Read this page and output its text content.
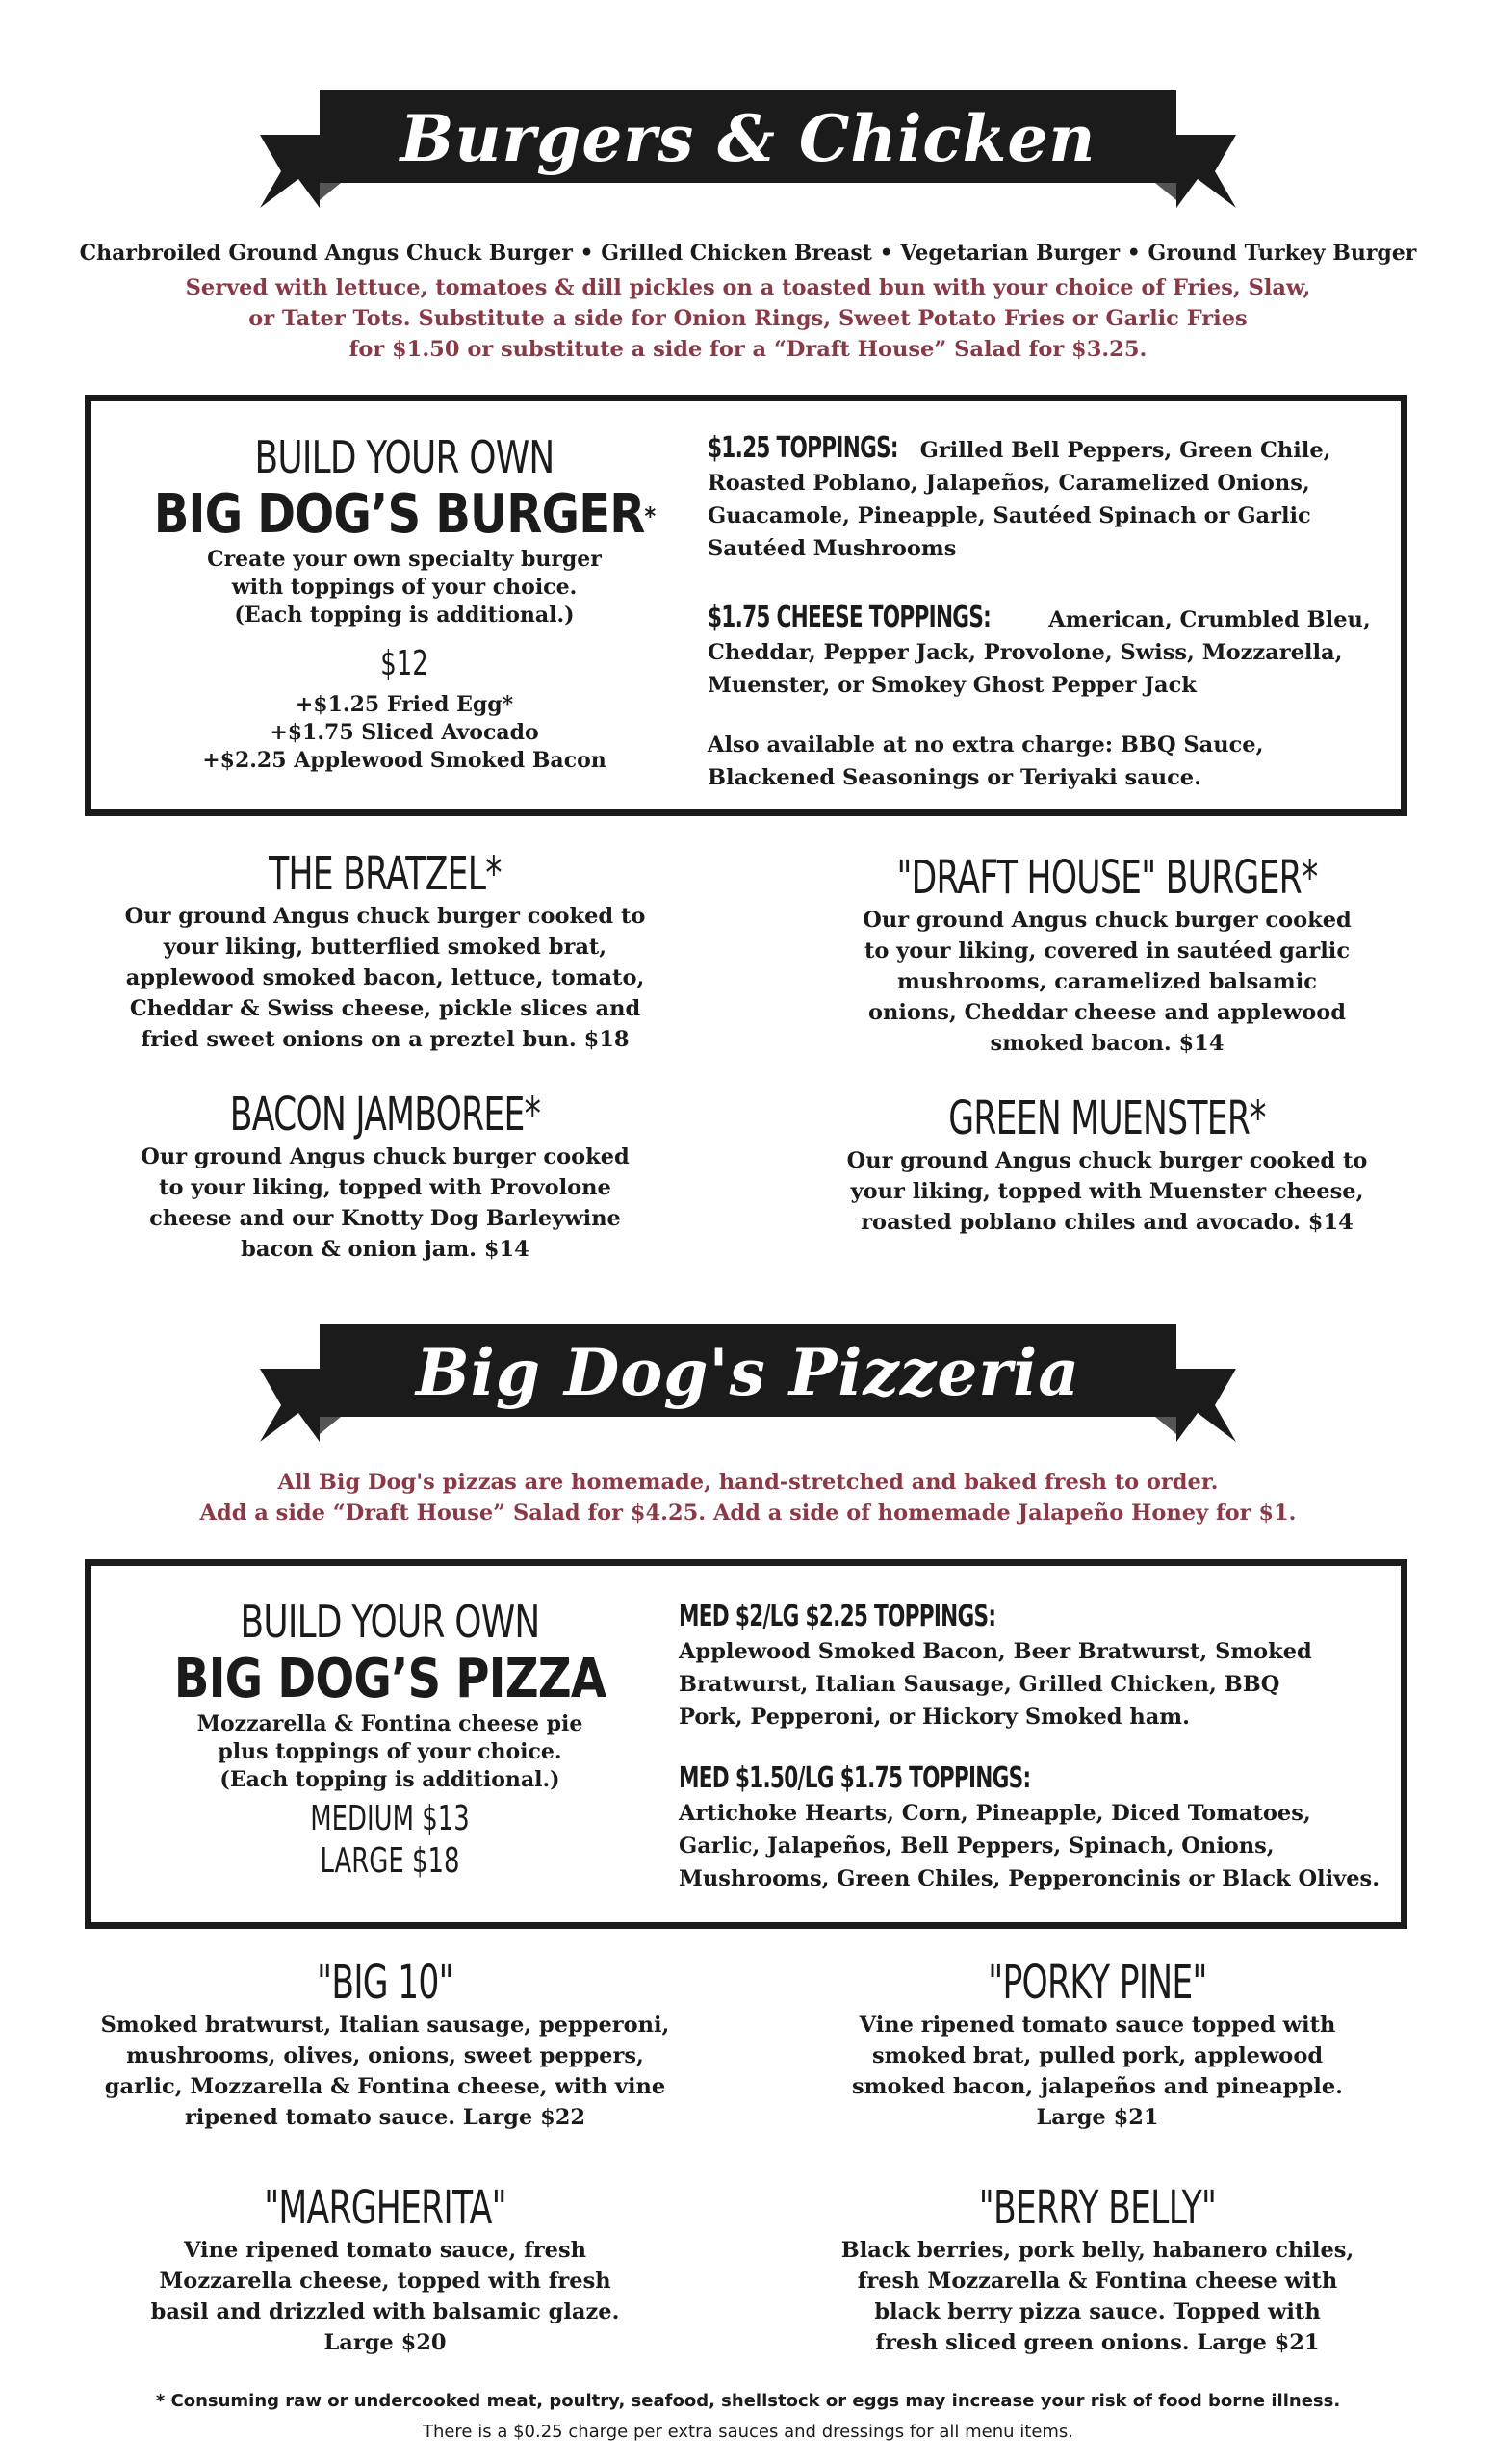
Burgers & Chicken
Charbroiled Ground Angus Chuck Burger • Grilled Chicken Breast • Vegetarian Burger • Ground Turkey Burger
Served with lettuce, tomatoes & dill pickles on a toasted bun with your choice of Fries, Slaw,
or Tater Tots. Substitute a side for Onion Rings, Sweet Potato Fries or Garlic Fries
for $1.50 or substitute a side for a “Draft House” Salad for $3.25.
BUILD YOUR OWN
BIG DOG’S BURGER*
Create your own specialty burger
with toppings of your choice.
(Each topping is additional.)
$12
+$1.25 Fried Egg*
+$1.75 Sliced Avocado
+$2.25 Applewood Smoked Bacon
$1.25 TOPPINGS: Grilled Bell Peppers, Green Chile,
Roasted Poblano, Jalapeños, Caramelized Onions,
Guacamole, Pineapple, Sautéed Spinach or Garlic
Sautéed Mushrooms
$1.75 CHEESE TOPPINGS: American, Crumbled Bleu,
Cheddar, Pepper Jack, Provolone, Swiss, Mozzarella,
Muenster, or Smokey Ghost Pepper Jack
Also available at no extra charge: BBQ Sauce,
Blackened Seasonings or Teriyaki sauce.
THE BRATZEL*
Our ground Angus chuck burger cooked to
your liking, butterflied smoked brat,
applewood smoked bacon, lettuce, tomato,
Cheddar & Swiss cheese, pickle slices and
fried sweet onions on a preztel bun. $18
"DRAFT HOUSE" BURGER*
Our ground Angus chuck burger cooked
to your liking, covered in sautéed garlic
mushrooms, caramelized balsamic
onions, Cheddar cheese and applewood
smoked bacon. $14
BACON JAMBOREE*
Our ground Angus chuck burger cooked
to your liking, topped with Provolone
cheese and our Knotty Dog Barleywine
bacon & onion jam. $14
GREEN MUENSTER*
Our ground Angus chuck burger cooked to
your liking, topped with Muenster cheese,
roasted poblano chiles and avocado. $14
Big Dog's Pizzeria
All Big Dog's pizzas are homemade, hand-stretched and baked fresh to order.
Add a side “Draft House” Salad for $4.25. Add a side of homemade Jalapeño Honey for $1.
BUILD YOUR OWN
BIG DOG’S PIZZA
Mozzarella & Fontina cheese pie
plus toppings of your choice.
(Each topping is additional.)
MEDIUM $13
LARGE $18
MED $2/LG $2.25 TOPPINGS:
Applewood Smoked Bacon, Beer Bratwurst, Smoked
Bratwurst, Italian Sausage, Grilled Chicken, BBQ
Pork, Pepperoni, or Hickory Smoked ham.
MED $1.50/LG $1.75 TOPPINGS:
Artichoke Hearts, Corn, Pineapple, Diced Tomatoes,
Garlic, Jalapeños, Bell Peppers, Spinach, Onions,
Mushrooms, Green Chiles, Pepperoncinis or Black Olives.
"BIG 10"
Smoked bratwurst, Italian sausage, pepperoni,
mushrooms, olives, onions, sweet peppers,
garlic, Mozzarella & Fontina cheese, with vine
ripened tomato sauce. Large $22
"PORKY PINE"
Vine ripened tomato sauce topped with
smoked brat, pulled pork, applewood
smoked bacon, jalapeños and pineapple.
Large $21
"MARGHERITA"
Vine ripened tomato sauce, fresh
Mozzarella cheese, topped with fresh
basil and drizzled with balsamic glaze.
Large $20
"BERRY BELLY"
Black berries, pork belly, habanero chiles,
fresh Mozzarella & Fontina cheese with
black berry pizza sauce. Topped with
fresh sliced green onions. Large $21
* Consuming raw or undercooked meat, poultry, seafood, shellstock or eggs may increase your risk of food borne illness.
There is a $0.25 charge per extra sauces and dressings for all menu items.
